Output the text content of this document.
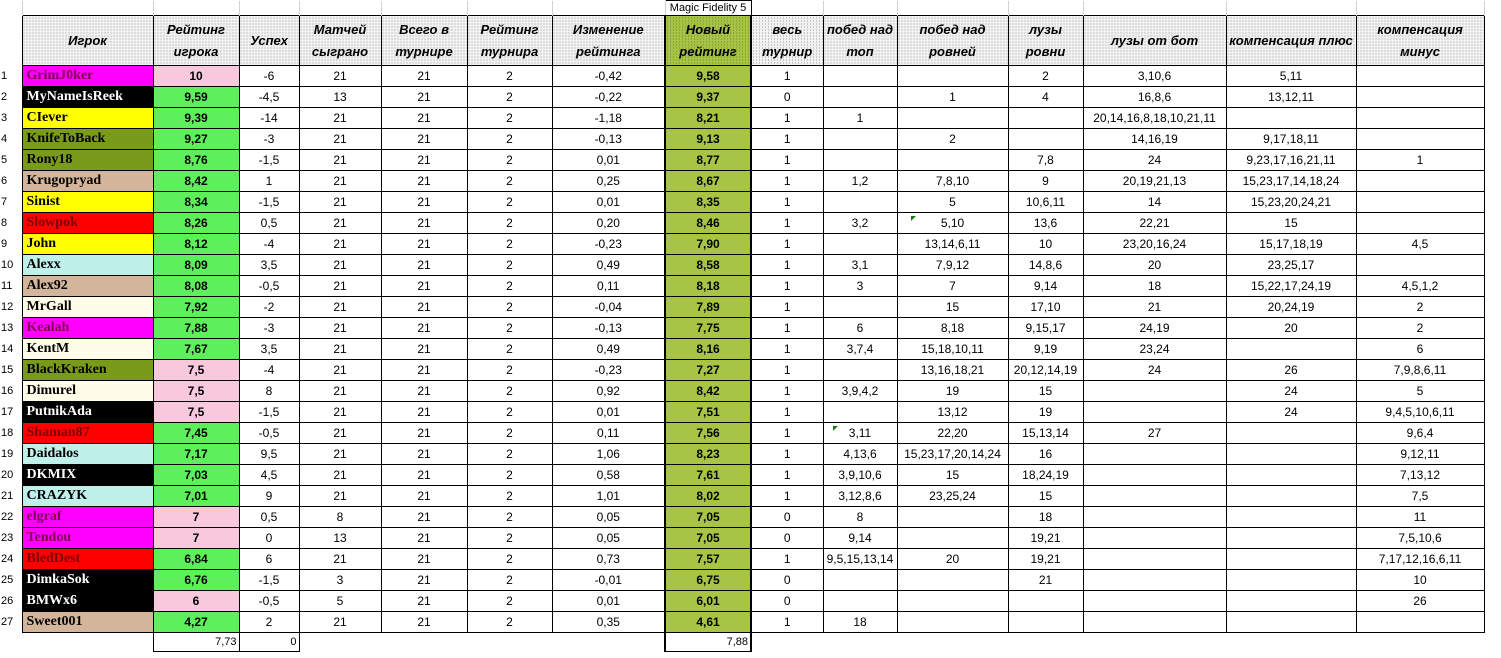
								Magic Fidelity 5							
	Игрок	Рейтинг игрока	Успех	Матчей сыграно	Всего в турнире	Рейтинг турнира	Изменение рейтинга	Новый рейтинг	весь турнир	побед над топ	побед над ровней	лузы ровни	лузы от бот	компенсация плюс	компенсация минус
1	GrimJ0ker	10	-6	21	21	2	-0,42	9,58	1			2	3,10,6	5,11	
2	MyNameIsReek	9,59	-4,5	13	21	2	-0,22	9,37	0		1	4	16,8,6	13,12,11	
3	CIever	9,39	-14	21	21	2	-1,18	8,21	1	1			20,14,16,8,18,10,21,11		
4	KnifeToBack	9,27	-3	21	21	2	-0,13	9,13	1		2		14,16,19	9,17,18,11	
5	Rony18	8,76	-1,5	21	21	2	0,01	8,77	1			7,8	24	9,23,17,16,21,11	1
6	Krugopryad	8,42	1	21	21	2	0,25	8,67	1	1,2	7,8,10	9	20,19,21,13	15,23,17,14,18,24	
7	Sinist	8,34	-1,5	21	21	2	0,01	8,35	1		5	10,6,11	14	15,23,20,24,21	
8	Slowpok	8,26	0,5	21	21	2	0,20	8,46	1	3,2	5,10	13,6	22,21	15	
9	John	8,12	-4	21	21	2	-0,23	7,90	1		13,14,6,11	10	23,20,16,24	15,17,18,19	4,5
10	Alexx	8,09	3,5	21	21	2	0,49	8,58	1	3,1	7,9,12	14,8,6	20	23,25,17	
11	Alex92	8,08	-0,5	21	21	2	0,11	8,18	1	3	7	9,14	18	15,22,17,24,19	4,5,1,2
12	MrGall	7,92	-2	21	21	2	-0,04	7,89	1		15	17,10	21	20,24,19	2
13	Kealah	7,88	-3	21	21	2	-0,13	7,75	1	6	8,18	9,15,17	24,19	20	2
14	KentM	7,67	3,5	21	21	2	0,49	8,16	1	3,7,4	15,18,10,11	9,19	23,24		6
15	BlackKraken	7,5	-4	21	21	2	-0,23	7,27	1		13,16,18,21	20,12,14,19	24	26	7,9,8,6,11
16	Dimurel	7,5	8	21	21	2	0,92	8,42	1	3,9,4,2	19	15		24	5
17	PutnikAda	7,5	-1,5	21	21	2	0,01	7,51	1		13,12	19		24	9,4,5,10,6,11
18	Shaman87	7,45	-0,5	21	21	2	0,11	7,56	1	3,11	22,20	15,13,14	27		9,6,4
19	Daidalos	7,17	9,5	21	21	2	1,06	8,23	1	4,13,6	15,23,17,20,14,24	16			9,12,11
20	DKMIX	7,03	4,5	21	21	2	0,58	7,61	1	3,9,10,6	15	18,24,19			7,13,12
21	CRAZYK	7,01	9	21	21	2	1,01	8,02	1	3,12,8,6	23,25,24	15			7,5
22	elgraf	7	0,5	8	21	2	0,05	7,05	0	8		18			11
23	Tendou	7	0	13	21	2	0,05	7,05	0	9,14		19,21			7,5,10,6
24	BledDest	6,84	6	21	21	2	0,73	7,57	1	9,5,15,13,14	20	19,21			7,17,12,16,6,11
25	DimkaSok	6,76	-1,5	3	21	2	-0,01	6,75	0			21			10
26	BMWx6	6	-0,5	5	21	2	0,01	6,01	0						26
27	Sweet001	4,27	2	21	21	2	0,35	4,61	1	18					
		7,73	0					7,88							
